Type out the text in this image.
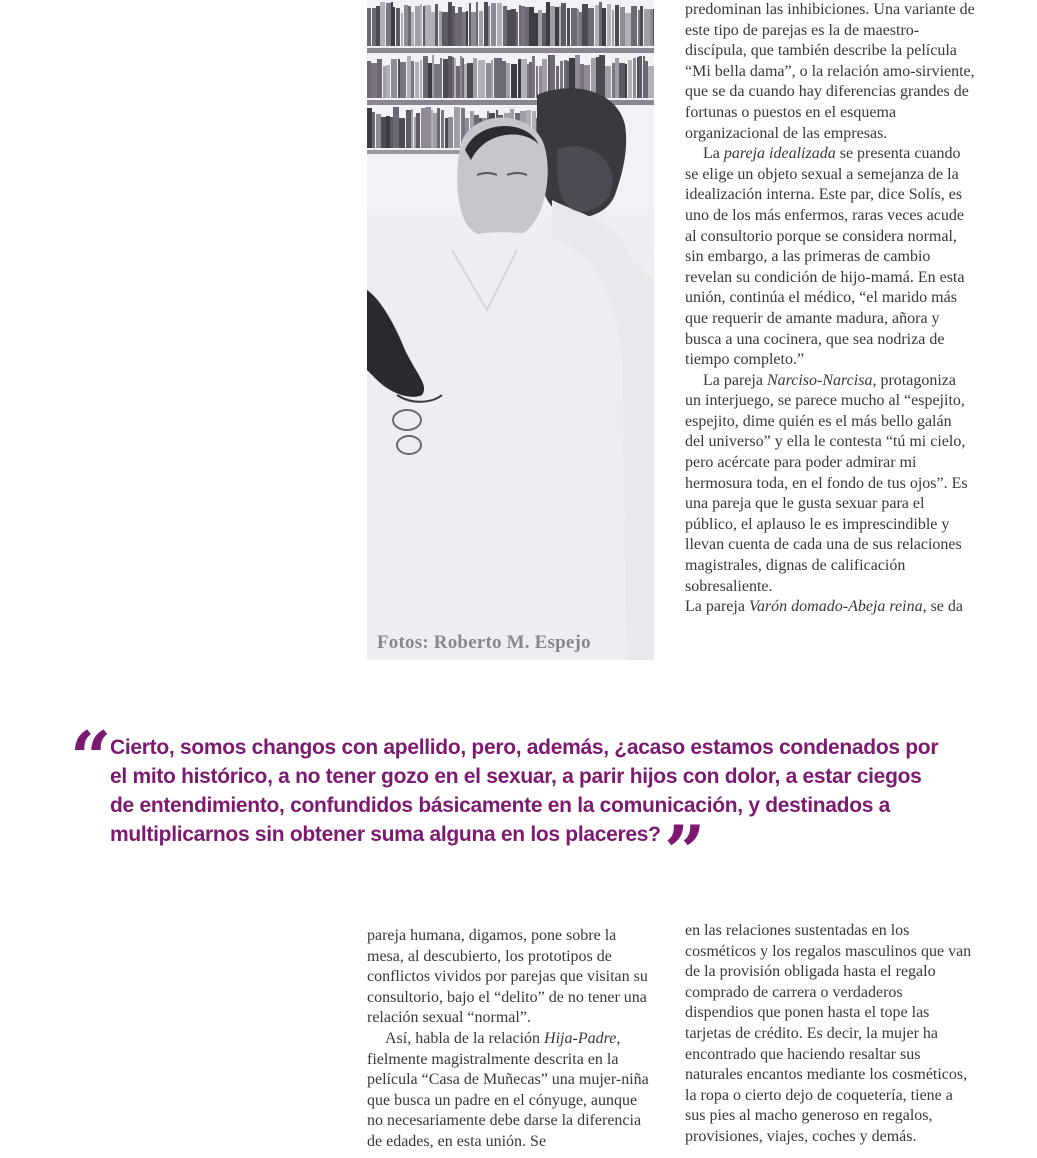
Fotos: Roberto M. Espejo

predominan las inhibiciones. Una variante de este tipo de parejas es la de maestro-discípula, que también describe la película “Mi bella dama”, o la relación amo-sirviente, que se da cuando hay diferencias grandes de fortunas o puestos en el esquema organizacional de las empresas.

La pareja idealizada se presenta cuando se elige un objeto sexual a semejanza de la idealización interna. Este par, dice Solís, es uno de los más enfermos, raras veces acude al consultorio porque se considera normal, sin embargo, a las primeras de cambio revelan su condición de hijo-mamá. En esta unión, continúa el médico, “el marido más que requerir de amante madura, añora y busca a una cocinera, que sea nodriza de tiempo completo.”

La pareja Narciso-Narcisa, protagoniza un interjuego, se parece mucho al “espejito, espejito, dime quién es el más bello galán del universo” y ella le contesta “tú mi cielo, pero acércate para poder admirar mi hermosura toda, en el fondo de tus ojos”. Es una pareja que le gusta sexuar para el público, el aplauso le es imprescindible y llevan cuenta de cada una de sus relaciones magistrales, dignas de calificación sobresaliente.

La pareja Varón domado-Abeja reina, se da

“
Cierto, somos changos con apellido, pero, además, ¿acaso estamos condenados por el mito histórico, a no tener gozo en el sexuar, a parir hijos con dolor, a estar ciegos de entendimiento, confundidos básicamente en la comunicación, y destinados a multiplicarnos sin obtener suma alguna en los placeres? ”

pareja humana, digamos, pone sobre la mesa, al descubierto, los prototipos de conflictos vividos por parejas que visitan su consultorio, bajo el “delito” de no tener una relación sexual “normal”.

Así, habla de la relación Hija-Padre, fielmente magistralmente descrita en la película “Casa de Muñecas” una mujer-niña que busca un padre en el cónyuge, aunque no necesariamente debe darse la diferencia de edades, en esta unión. Se

en las relaciones sustentadas en los cosméticos y los regalos masculinos que van de la provisión obligada hasta el regalo comprado de carrera o verdaderos dispendios que ponen hasta el tope las tarjetas de crédito. Es decir, la mujer ha encontrado que haciendo resaltar sus naturales encantos mediante los cosméticos, la ropa o cierto dejo de coquetería, tiene a sus pies al macho generoso en regalos, provisiones, viajes, coches y demás.
